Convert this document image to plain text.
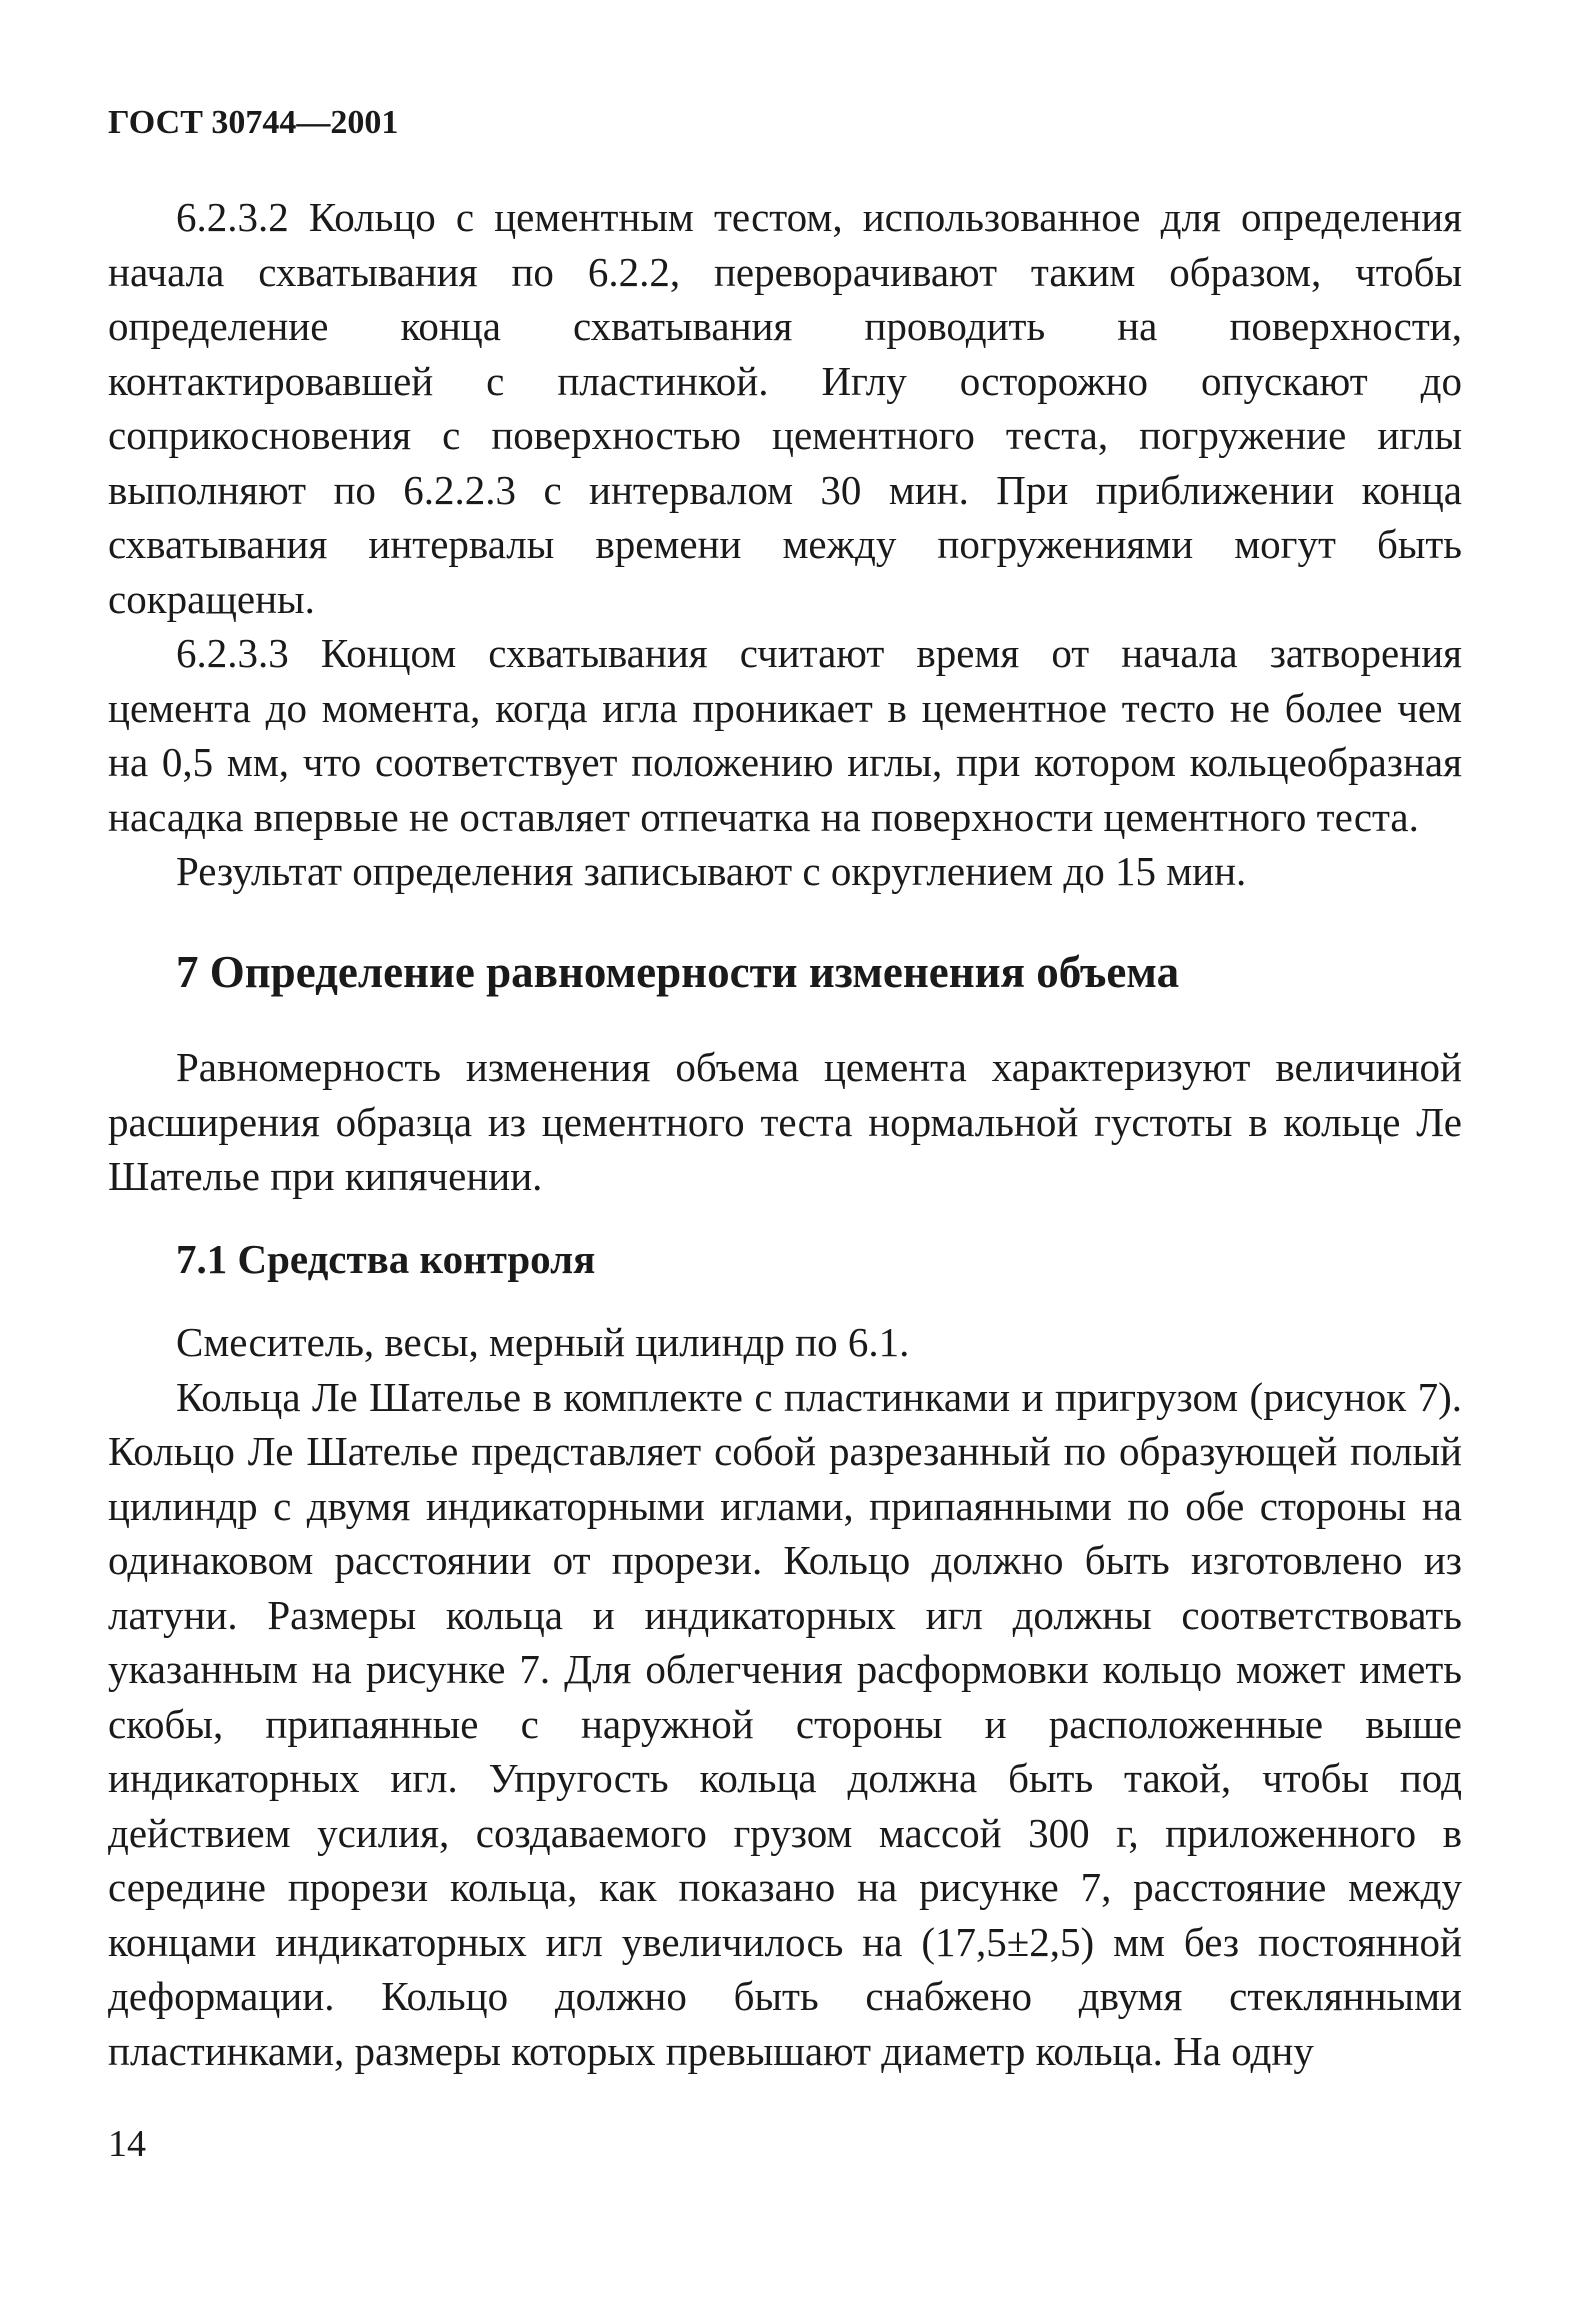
ГОСТ 30744—2001

6.2.3.2 Кольцо с цементным тестом, использованное для определения начала схватывания по 6.2.2, переворачивают таким образом, чтобы определение конца схватывания проводить на поверхности, контактировавшей с пластинкой. Иглу осторожно опускают до соприкосновения с поверхностью цементного теста, погружение иглы выполняют по 6.2.2.3 с интервалом 30 мин. При приближении конца схватывания интервалы времени между погружениями могут быть сокращены.

6.2.3.3 Концом схватывания считают время от начала затворения цемента до момента, когда игла проникает в цементное тесто не более чем на 0,5 мм, что соответствует положению иглы, при котором кольцеобразная насадка впервые не оставляет отпечатка на поверхности цементного теста.

Результат определения записывают с округлением до 15 мин.

7 Определение равномерности изменения объема

Равномерность изменения объема цемента характеризуют величиной расширения образца из цементного теста нормальной густоты в кольце Ле Шателье при кипячении.

7.1 Средства контроля

Смеситель, весы, мерный цилиндр по 6.1.

Кольца Ле Шателье в комплекте с пластинками и пригрузом (рисунок 7). Кольцо Ле Шателье представляет собой разрезанный по образующей полый цилиндр с двумя индикаторными иглами, припаянными по обе стороны на одинаковом расстоянии от прорези. Кольцо должно быть изготовлено из латуни. Размеры кольца и индикаторных игл должны соответствовать указанным на рисунке 7. Для облегчения расформовки кольцо может иметь скобы, припаянные с наружной стороны и расположенные выше индикаторных игл. Упругость кольца должна быть такой, чтобы под действием усилия, создаваемого грузом массой 300 г, приложенного в середине прорези кольца, как показано на рисунке 7, расстояние между концами индикаторных игл увеличилось на (17,5±2,5) мм без постоянной деформации. Кольцо должно быть снабжено двумя стеклянными пластинками, размеры которых превышают диаметр кольца. На одну

14
